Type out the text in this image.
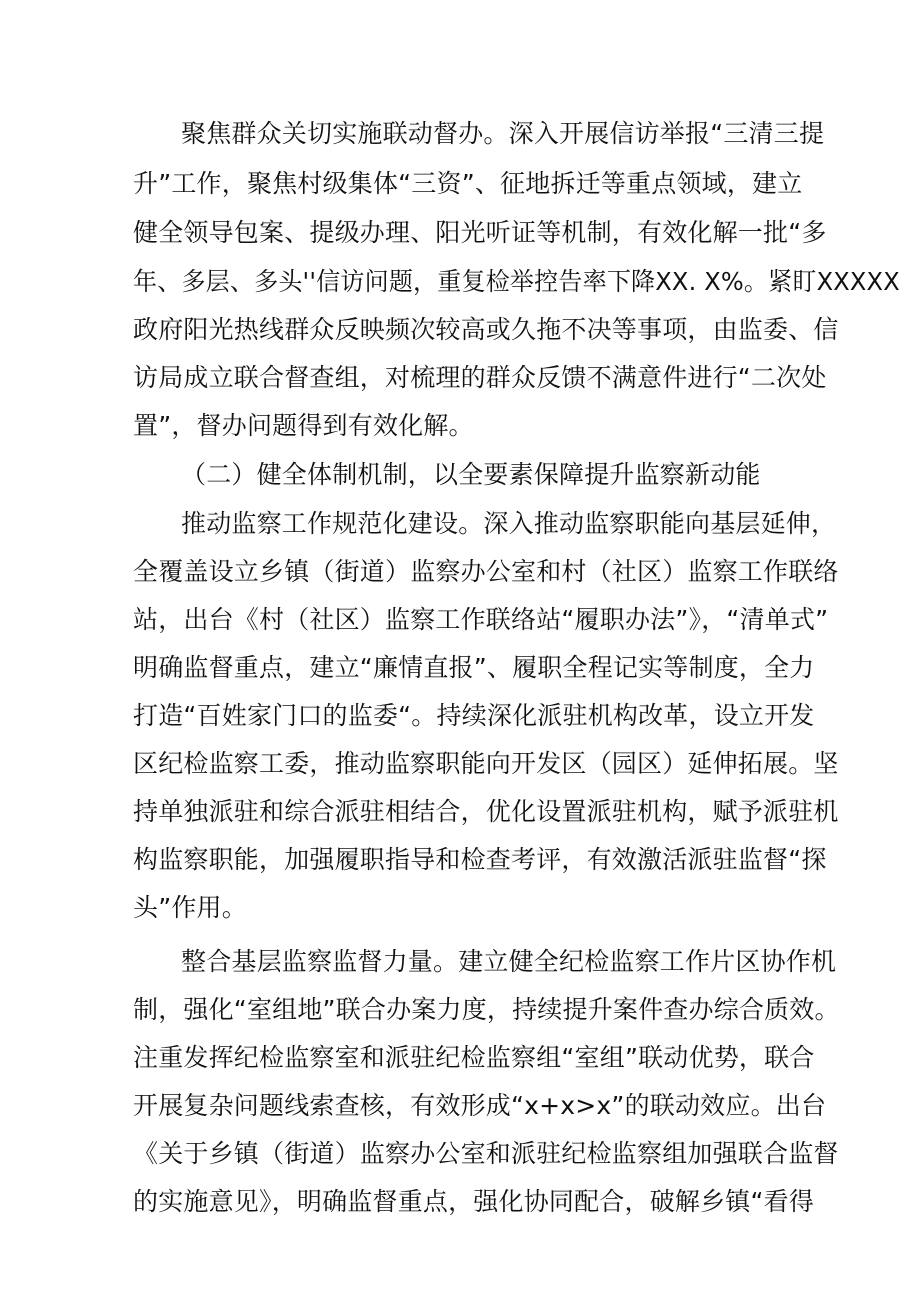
聚焦群众关切实施联动督办。深入开展信访举报“三清三提
升”工作，聚焦村级集体“三资”、征地拆迁等重点领域，建立
健全领导包案、提级办理、阳光听证等机制，有效化解一批“多
年、多层、多头''信访问题，重复检举控告率下降XX. X%。紧盯XXXXX
政府阳光热线群众反映频次较高或久拖不决等事项，由监委、信
访局成立联合督查组，对梳理的群众反馈不满意件进行“二次处
置”，督办问题得到有效化解。
（二）健全体制机制，以全要素保障提升监察新动能
推动监察工作规范化建设。深入推动监察职能向基层延伸，
全覆盖设立乡镇（街道）监察办公室和村（社区）监察工作联络
站，出台《村（社区）监察工作联络站“履职办法”》，“清单式”
明确监督重点，建立“廉情直报”、履职全程记实等制度，全力
打造“百姓家门口的监委“。持续深化派驻机构改革，设立开发
区纪检监察工委，推动监察职能向开发区（园区）延伸拓展。坚
持单独派驻和综合派驻相结合，优化设置派驻机构，赋予派驻机
构监察职能，加强履职指导和检查考评，有效激活派驻监督“探
头”作用。
整合基层监察监督力量。建立健全纪检监察工作片区协作机
制，强化“室组地”联合办案力度，持续提升案件查办综合质效。
注重发挥纪检监察室和派驻纪检监察组“室组”联动优势，联合
开展复杂问题线索查核，有效形成“x+x>x”的联动效应。出台
《关于乡镇（街道）监察办公室和派驻纪检监察组加强联合监督
的实施意见》，明确监督重点，强化协同配合，破解乡镇“看得
